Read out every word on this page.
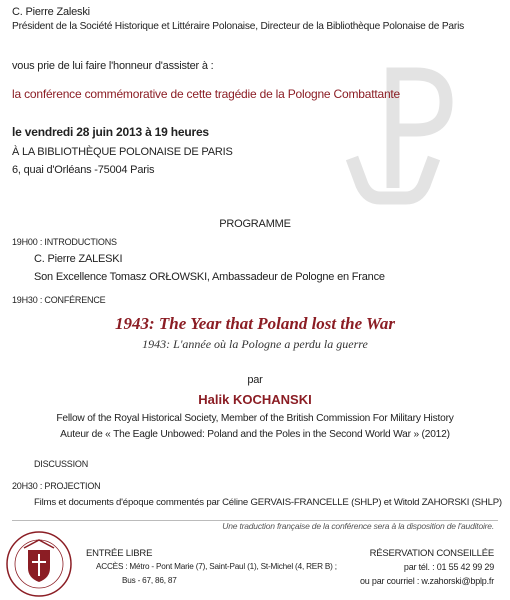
C. Pierre Zaleski
Président de la Société Historique et Littéraire Polonaise, Directeur de la Bibliothèque Polonaise de Paris
vous prie de lui faire l'honneur d'assister à :
la conférence commémorative de cette tragédie de la Pologne Combattante
le vendredi 28 juin 2013 à 19 heures
À LA BIBLIOTHÈQUE POLONAISE DE PARIS
6, quai d'Orléans -75004 Paris
PROGRAMME
19H00 : INTRODUCTIONS
C. Pierre ZALESKI
Son Excellence Tomasz ORŁOWSKI, Ambassadeur de Pologne en France
19H30 : CONFÉRENCE
1943: The Year that Poland lost the War
1943: L'année où la Pologne a perdu la guerre
par
Halik KOCHANSKI
Fellow of the Royal Historical Society, Member of the British Commission For Military History
Auteur de « The Eagle Unbowed: Poland and the Poles in the Second World War » (2012)
DISCUSSION
20H30 : PROJECTION
Films et documents d'époque commentés par Céline GERVAIS-FRANCELLE (SHLP) et Witold ZAHORSKI (SHLP)
Une traduction française de la conférence sera à la disposition de l'auditoire.
ENTRÉE LIBRE
ACCÈS : Métro - Pont Marie (7), Saint-Paul (1), St-Michel (4, RER B) ;
Bus - 67, 86, 87
RÉSERVATION CONSEILLÉE
par tél. : 01 55 42 99 29
ou par courriel : w.zahorski@bplp.fr
